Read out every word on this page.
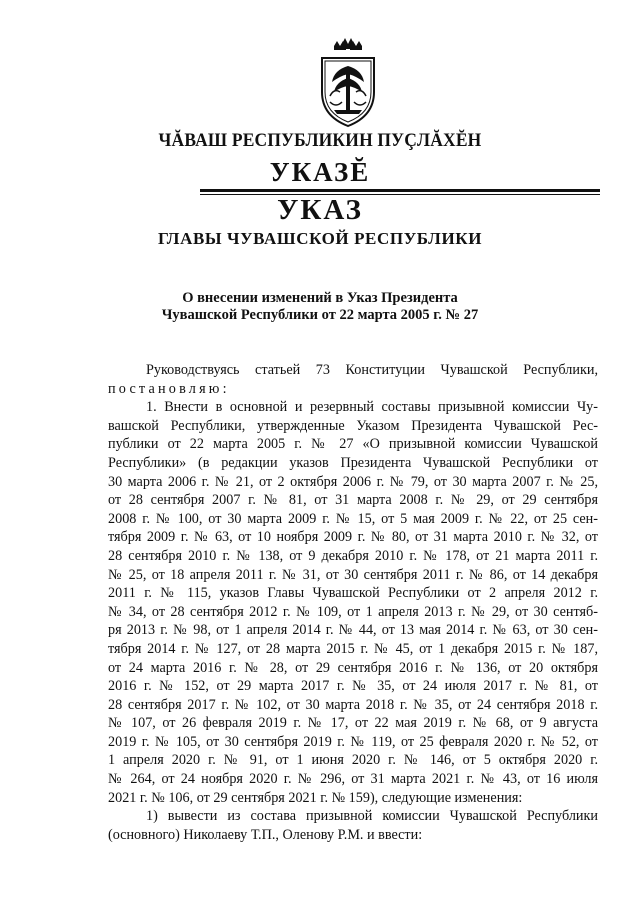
ЧĂВАШ РЕСПУБЛИКИН ПУÇЛĂХĔН
УКАЗĔ
УКАЗ
ГЛАВЫ ЧУВАШСКОЙ РЕСПУБЛИКИ
О внесении изменений в Указ Президента
Чувашской Республики от 22 марта 2005 г. № 27
Руководствуясь статьей 73 Конституции Чувашской Республики,
постановляю:
1. Внести в основной и резервный составы призывной комиссии Чу-
вашской Республики, утвержденные Указом Президента Чувашской Рес-
публики от 22 марта 2005 г. № 27 «О призывной комиссии Чувашской
Республики» (в редакции указов Президента Чувашской Республики от
30 марта 2006 г. № 21, от 2 октября 2006 г. № 79, от 30 марта 2007 г. № 25,
от 28 сентября 2007 г. № 81, от 31 марта 2008 г. № 29, от 29 сентября
2008 г. № 100, от 30 марта 2009 г. № 15, от 5 мая 2009 г. № 22, от 25 сен-
тября 2009 г. № 63, от 10 ноября 2009 г. № 80, от 31 марта 2010 г. № 32, от
28 сентября 2010 г. № 138, от 9 декабря 2010 г. № 178, от 21 марта 2011 г.
№ 25, от 18 апреля 2011 г. № 31, от 30 сентября 2011 г. № 86, от 14 декабря
2011 г. № 115, указов Главы Чувашской Республики от 2 апреля 2012 г.
№ 34, от 28 сентября 2012 г. № 109, от 1 апреля 2013 г. № 29, от 30 сентяб-
ря 2013 г. № 98, от 1 апреля 2014 г. № 44, от 13 мая 2014 г. № 63, от 30 сен-
тября 2014 г. № 127, от 28 марта 2015 г. № 45, от 1 декабря 2015 г. № 187,
от 24 марта 2016 г. № 28, от 29 сентября 2016 г. № 136, от 20 октября
2016 г. № 152, от 29 марта 2017 г. № 35, от 24 июля 2017 г. № 81, от
28 сентября 2017 г. № 102, от 30 марта 2018 г. № 35, от 24 сентября 2018 г.
№ 107, от 26 февраля 2019 г. № 17, от 22 мая 2019 г. № 68, от 9 августа
2019 г. № 105, от 30 сентября 2019 г. № 119, от 25 февраля 2020 г. № 52, от
1 апреля 2020 г. № 91, от 1 июня 2020 г. № 146, от 5 октября 2020 г.
№ 264, от 24 ноября 2020 г. № 296, от 31 марта 2021 г. № 43, от 16 июля
2021 г. № 106, от 29 сентября 2021 г. № 159), следующие изменения:
1) вывести из состава призывной комиссии Чувашской Республики
(основного) Николаеву Т.П., Оленову Р.М. и ввести:
